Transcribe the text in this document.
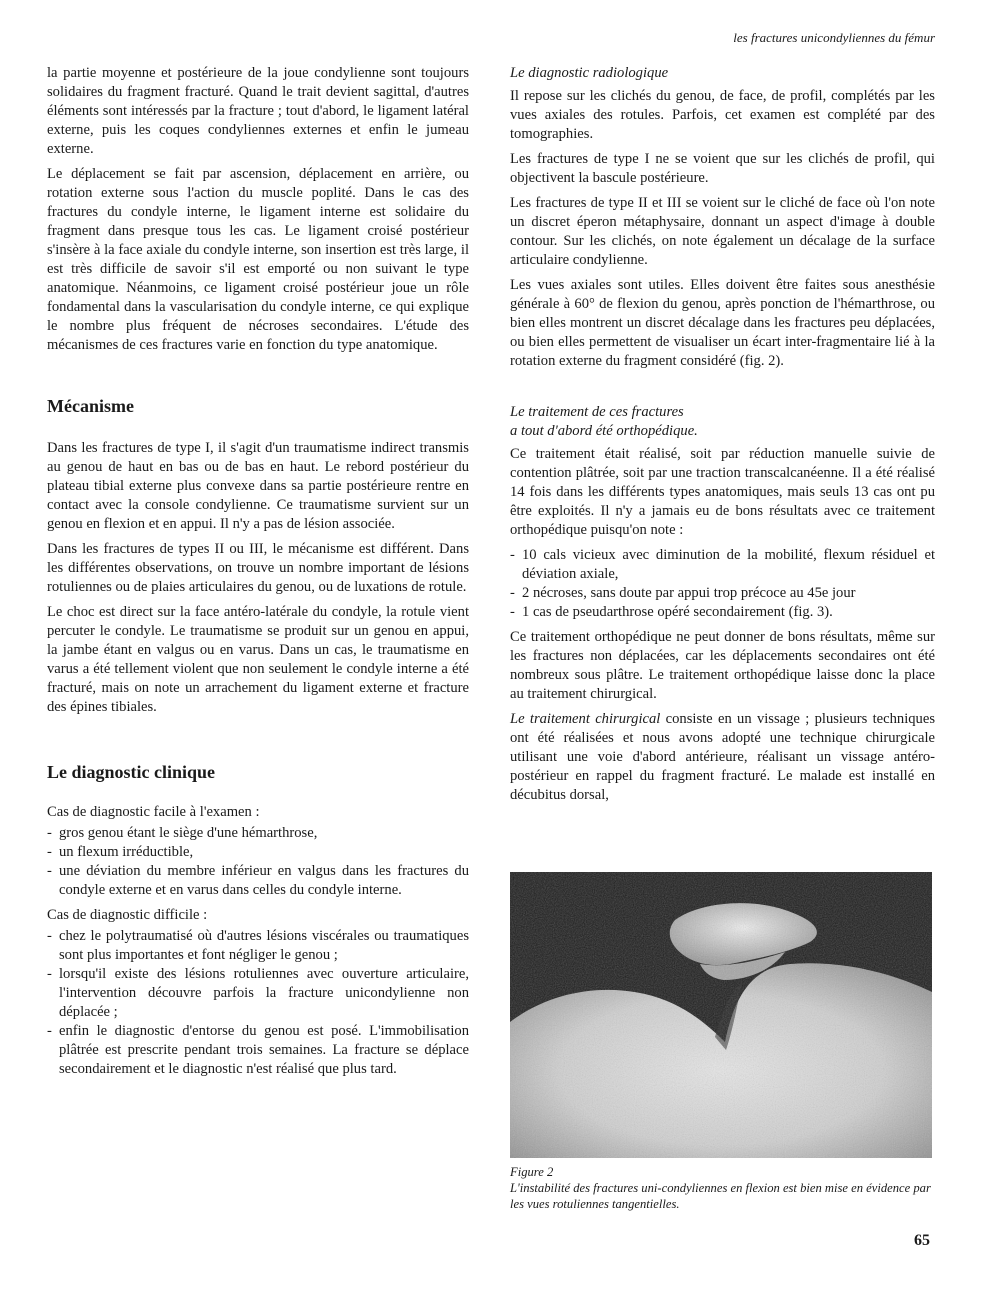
les fractures unicondyliennes du fémur

la partie moyenne et postérieure de la joue condylienne sont toujours solidaires du fragment fracturé. Quand le trait devient sagittal, d'autres éléments sont intéressés par la fracture ; tout d'abord, le ligament latéral externe, puis les coques condyliennes externes et enfin le jumeau externe.

Le déplacement se fait par ascension, déplacement en arrière, ou rotation externe sous l'action du muscle poplité. Dans le cas des fractures du condyle interne, le ligament interne est solidaire du fragment dans presque tous les cas. Le ligament croisé postérieur s'insère à la face axiale du condyle interne, son insertion est très large, il est très difficile de savoir s'il est emporté ou non suivant le type anatomique. Néanmoins, ce ligament croisé postérieur joue un rôle fondamental dans la vascularisation du condyle interne, ce qui explique le nombre plus fréquent de nécroses secondaires. L'étude des mécanismes de ces fractures varie en fonction du type anatomique.

Mécanisme

Dans les fractures de type I, il s'agit d'un traumatisme indirect transmis au genou de haut en bas ou de bas en haut. Le rebord postérieur du plateau tibial externe plus convexe dans sa partie postérieure rentre en contact avec la console condylienne. Ce traumatisme survient sur un genou en flexion et en appui. Il n'y a pas de lésion associée.

Dans les fractures de types II ou III, le mécanisme est différent. Dans les différentes observations, on trouve un nombre important de lésions rotuliennes ou de plaies articulaires du genou, ou de luxations de rotule.

Le choc est direct sur la face antéro-latérale du condyle, la rotule vient percuter le condyle. Le traumatisme se produit sur un genou en appui, la jambe étant en valgus ou en varus. Dans un cas, le traumatisme en varus a été tellement violent que non seulement le condyle interne a été fracturé, mais on note un arrachement du ligament externe et fracture des épines tibiales.

Le diagnostic clinique

Cas de diagnostic facile à l'examen :

- gros genou étant le siège d'une hémarthrose,
- un flexum irréductible,
- une déviation du membre inférieur en valgus dans les fractures du condyle externe et en varus dans celles du condyle interne.

Cas de diagnostic difficile :

- chez le polytraumatisé où d'autres lésions viscérales ou traumatiques sont plus importantes et font négliger le genou ;
- lorsqu'il existe des lésions rotuliennes avec ouverture articulaire, l'intervention découvre parfois la fracture unicondylienne non déplacée ;
- enfin le diagnostic d'entorse du genou est posé. L'immobilisation plâtrée est prescrite pendant trois semaines. La fracture se déplace secondairement et le diagnostic n'est réalisé que plus tard.

Le diagnostic radiologique

Il repose sur les clichés du genou, de face, de profil, complétés par les vues axiales des rotules. Parfois, cet examen est complété par des tomographies.

Les fractures de type I ne se voient que sur les clichés de profil, qui objectivent la bascule postérieure.

Les fractures de type II et III se voient sur le cliché de face où l'on note un discret éperon métaphysaire, donnant un aspect d'image à double contour. Sur les clichés, on note également un décalage de la surface articulaire condylienne.

Les vues axiales sont utiles. Elles doivent être faites sous anesthésie générale à 60° de flexion du genou, après ponction de l'hémarthrose, ou bien elles montrent un discret décalage dans les fractures peu déplacées, ou bien elles permettent de visualiser un écart inter-fragmentaire lié à la rotation externe du fragment considéré (fig. 2).

Le traitement de ces fractures
a tout d'abord été orthopédique.

Ce traitement était réalisé, soit par réduction manuelle suivie de contention plâtrée, soit par une traction transcalcanéenne. Il a été réalisé 14 fois dans les différents types anatomiques, mais seuls 13 cas ont pu être exploités. Il n'y a jamais eu de bons résultats avec ce traitement orthopédique puisqu'on note :

- 10 cals vicieux avec diminution de la mobilité, flexum résiduel et déviation axiale,
- 2 nécroses, sans doute par appui trop précoce au 45e jour
- 1 cas de pseudarthrose opéré secondairement (fig. 3).

Ce traitement orthopédique ne peut donner de bons résultats, même sur les fractures non déplacées, car les déplacements secondaires ont été nombreux sous plâtre. Le traitement orthopédique laisse donc la place au traitement chirurgical.

Le traitement chirurgical consiste en un vissage ; plusieurs techniques ont été réalisées et nous avons adopté une technique chirurgicale utilisant une voie d'abord antérieure, réalisant un vissage antéro-postérieur en rappel du fragment fracturé. Le malade est installé en décubitus dorsal,

Figure 2
L'instabilité des fractures uni-condyliennes en flexion est bien mise en évidence par les vues rotuliennes tangentielles.
65
